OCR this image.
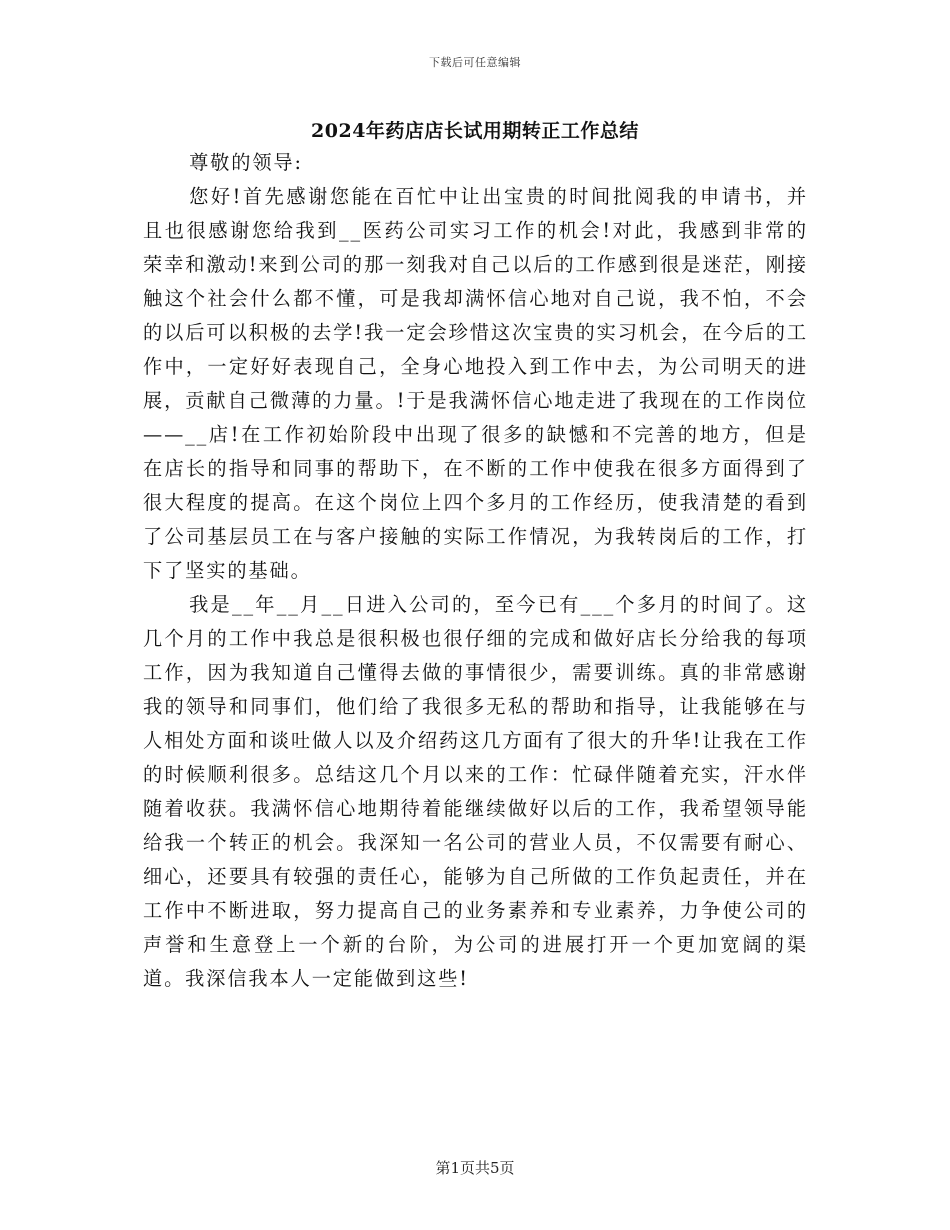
下载后可任意编辑
2024年药店店长试用期转正工作总结

尊敬的领导:

您好!首先感谢您能在百忙中让出宝贵的时间批阅我的申请书，并且也很感谢您给我到__医药公司实习工作的机会!对此，我感到非常的荣幸和激动!来到公司的那一刻我对自己以后的工作感到很是迷茫，刚接触这个社会什么都不懂，可是我却满怀信心地对自己说，我不怕，不会的以后可以积极的去学!我一定会珍惜这次宝贵的实习机会，在今后的工作中，一定好好表现自己，全身心地投入到工作中去，为公司明天的进展，贡献自己微薄的力量。!于是我满怀信心地走进了我现在的工作岗位——__店!在工作初始阶段中出现了很多的缺憾和不完善的地方，但是在店长的指导和同事的帮助下，在不断的工作中使我在很多方面得到了很大程度的提高。在这个岗位上四个多月的工作经历，使我清楚的看到了公司基层员工在与客户接触的实际工作情况，为我转岗后的工作，打下了坚实的基础。

我是__年__月__日进入公司的，至今已有___个多月的时间了。这几个月的工作中我总是很积极也很仔细的完成和做好店长分给我的每项工作，因为我知道自己懂得去做的事情很少，需要训练。真的非常感谢我的领导和同事们，他们给了我很多无私的帮助和指导，让我能够在与人相处方面和谈吐做人以及介绍药这几方面有了很大的升华!让我在工作的时候顺利很多。总结这几个月以来的工作：忙碌伴随着充实，汗水伴随着收获。我满怀信心地期待着能继续做好以后的工作，我希望领导能给我一个转正的机会。我深知一名公司的营业人员，不仅需要有耐心、细心，还要具有较强的责任心，能够为自己所做的工作负起责任，并在工作中不断进取，努力提高自己的业务素养和专业素养，力争使公司的声誉和生意登上一个新的台阶，为公司的进展打开一个更加宽阔的渠道。我深信我本人一定能做到这些!

第1页共5页
